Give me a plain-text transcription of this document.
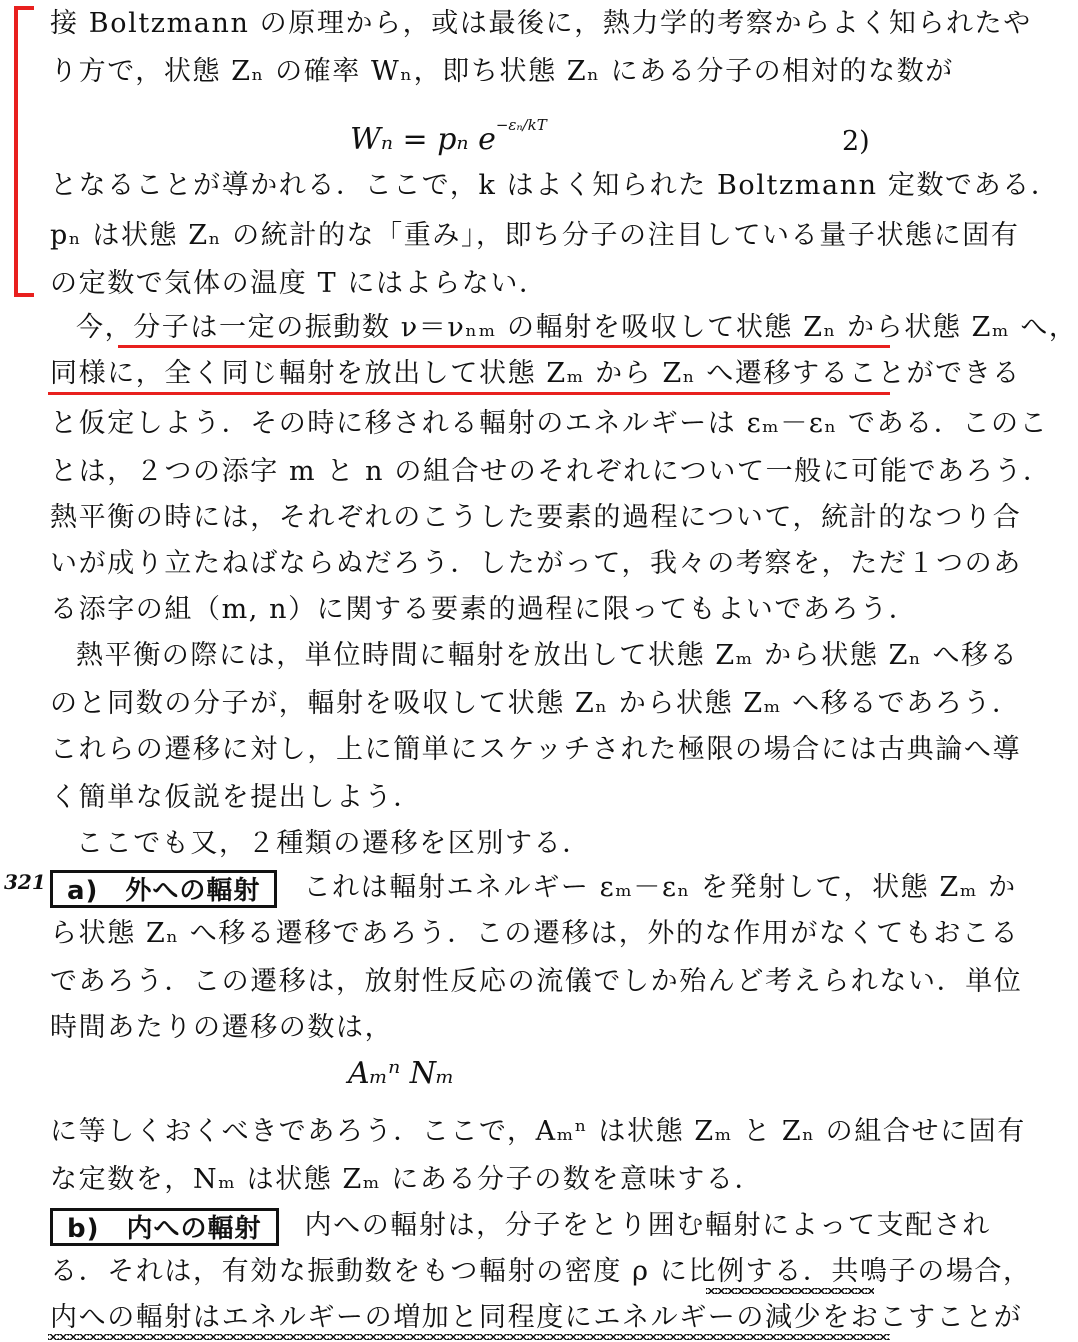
接 Boltzmann の原理から，或は最後に，熱力学的考察からよく知られたや
り方で，状態 Zₙ の確率 Wₙ，即ち状態 Zₙ にある分子の相対的な数が
Wₙ = pₙ $e^{-\varepsilon_n/kT}$
2)
となることが導かれる．ここで，k はよく知られた Boltzmann 定数である．
pₙ は状態 Zₙ の統計的な「重み」，即ち分子の注目している量子状態に固有
の定数で気体の温度 T にはよらない．
今，分子は一定の振動数 ν＝νₙₘ の輻射を吸収して状態 Zₙ から状態 Zₘ へ，
同様に，全く同じ輻射を放出して状態 Zₘ から Zₙ へ遷移することができる
と仮定しよう．その時に移される輻射のエネルギーは εₘ－εₙ である．このこ
とは，２つの添字 m と n の組合せのそれぞれについて一般に可能であろう．
熱平衡の時には，それぞれのこうした要素的過程について，統計的なつり合
いが成り立たねばならぬだろう．したがって，我々の考察を，ただ１つのあ
る添字の組（m, n）に関する要素的過程に限ってもよいであろう．
熱平衡の際には，単位時間に輻射を放出して状態 Zₘ から状態 Zₙ へ移る
のと同数の分子が，輻射を吸収して状態 Zₙ から状態 Zₘ へ移るであろう．
これらの遷移に対し，上に簡単にスケッチされた極限の場合には古典論へ導
く簡単な仮説を提出しよう．
ここでも又，２種類の遷移を区別する．
321 a)　外への輻射 これは輻射エネルギー εₘ－εₙ を発射して，状態 Zₘ か
ら状態 Zₙ へ移る遷移であろう．この遷移は，外的な作用がなくてもおこる
であろう．この遷移は，放射性反応の流儀でしか殆んど考えられない．単位
時間あたりの遷移の数は，
Aₘⁿ Nₘ
に等しくおくべきであろう．ここで，Aₘⁿ は状態 Zₘ と Zₙ の組合せに固有
な定数を，Nₘ は状態 Zₘ にある分子の数を意味する．
b)　内への輻射 内への輻射は，分子をとり囲む輻射によって支配され
る．それは，有効な振動数をもつ輻射の密度 ρ に比例する．共鳴子の場合，
内への輻射はエネルギーの増加と同程度にエネルギーの減少をおこすことが
